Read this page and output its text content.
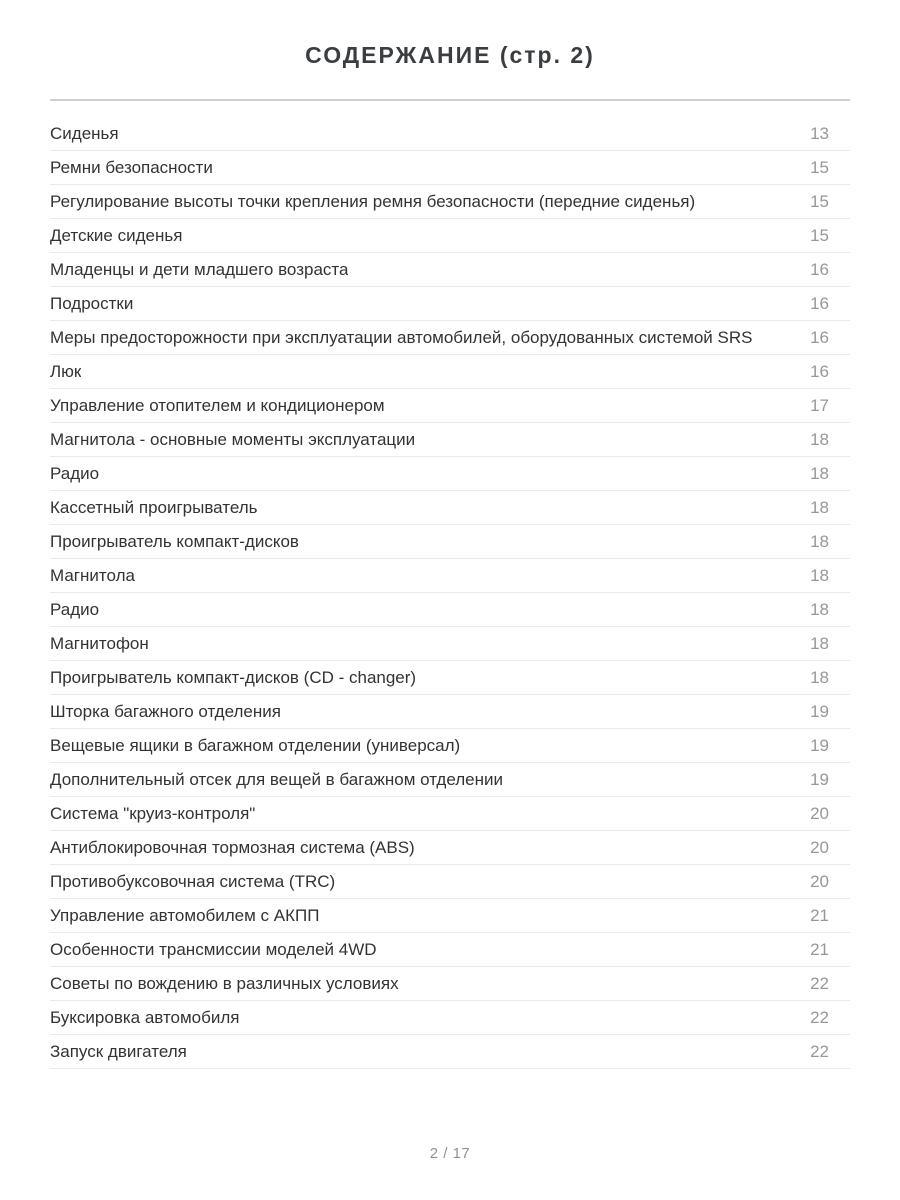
СОДЕРЖАНИЕ (стр. 2)
Сиденья	13
Ремни безопасности	15
Регулирование высоты точки крепления ремня безопасности (передние сиденья)	15
Детские сиденья	15
Младенцы и дети младшего возраста	16
Подростки	16
Меры предосторожности при эксплуатации автомобилей, оборудованных системой SRS	16
Люк	16
Управление отопителем и кондиционером	17
Магнитола - основные моменты эксплуатации	18
Радио	18
Кассетный проигрыватель	18
Проигрыватель компакт-дисков	18
Магнитола	18
Радио	18
Магнитофон	18
Проигрыватель компакт-дисков (CD - changer)	18
Шторка багажного отделения	19
Вещевые ящики в багажном отделении (универсал)	19
Дополнительный отсек для вещей в багажном отделении	19
Система "круиз-контроля"	20
Антиблокировочная тормозная система (ABS)	20
Противобуксовочная система (TRC)	20
Управление автомобилем с АКПП	21
Особенности трансмиссии моделей 4WD	21
Советы по вождению в различных условиях	22
Буксировка автомобиля	22
Запуск двигателя	22
2 / 17
